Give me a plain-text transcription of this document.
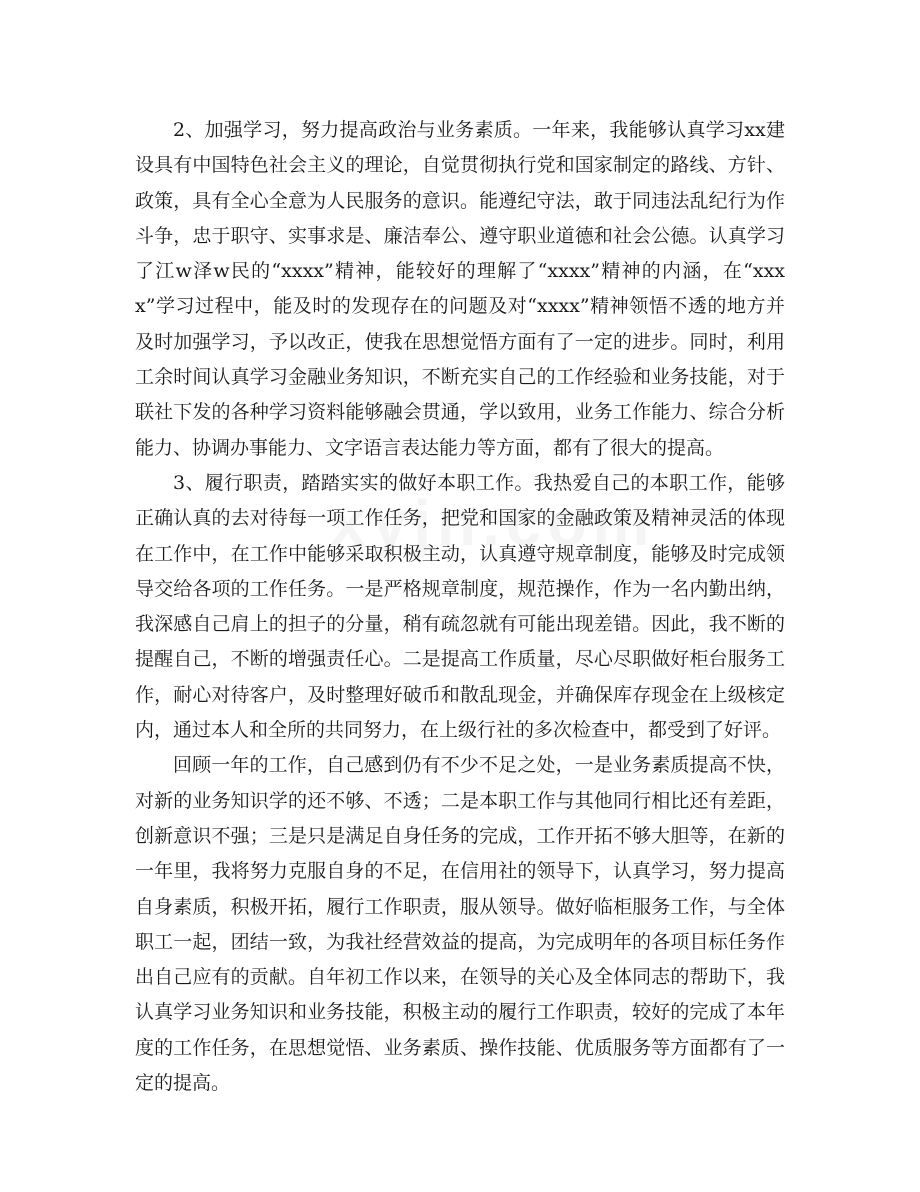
2、加强学习，努力提高政治与业务素质。一年来，我能够认真学习xx建设具有中国特色社会主义的理论，自觉贯彻执行党和国家制定的路线、方针、政策，具有全心全意为人民服务的意识。能遵纪守法，敢于同违法乱纪行为作斗争，忠于职守、实事求是、廉洁奉公、遵守职业道德和社会公德。认真学习了江w泽w民的“xxxx”精神，能较好的理解了“xxxx”精神的内涵，在“xxxx”学习过程中，能及时的发现存在的问题及对“xxxx”精神领悟不透的地方并及时加强学习，予以改正，使我在思想觉悟方面有了一定的进步。同时，利用工余时间认真学习金融业务知识，不断充实自己的工作经验和业务技能，对于联社下发的各种学习资料能够融会贯通，学以致用，业务工作能力、综合分析能力、协调办事能力、文字语言表达能力等方面，都有了很大的提高。

3、履行职责，踏踏实实的做好本职工作。我热爱自己的本职工作，能够正确认真的去对待每一项工作任务，把党和国家的金融政策及精神灵活的体现在工作中，在工作中能够采取积极主动，认真遵守规章制度，能够及时完成领导交给各项的工作任务。一是严格规章制度，规范操作，作为一名内勤出纳，我深感自己肩上的担子的分量，稍有疏忽就有可能出现差错。因此，我不断的提醒自己，不断的增强责任心。二是提高工作质量，尽心尽职做好柜台服务工作，耐心对待客户，及时整理好破币和散乱现金，并确保库存现金在上级核定内，通过本人和全所的共同努力，在上级行社的多次检查中，都受到了好评。

回顾一年的工作，自己感到仍有不少不足之处，一是业务素质提高不快，对新的业务知识学的还不够、不透；二是本职工作与其他同行相比还有差距，创新意识不强；三是只是满足自身任务的完成，工作开拓不够大胆等，在新的一年里，我将努力克服自身的不足，在信用社的领导下，认真学习，努力提高自身素质，积极开拓，履行工作职责，服从领导。做好临柜服务工作，与全体职工一起，团结一致，为我社经营效益的提高，为完成明年的各项目标任务作出自己应有的贡献。自年初工作以来，在领导的关心及全体同志的帮助下，我认真学习业务知识和业务技能，积极主动的履行工作职责，较好的完成了本年度的工作任务，在思想觉悟、业务素质、操作技能、优质服务等方面都有了一定的提高。
